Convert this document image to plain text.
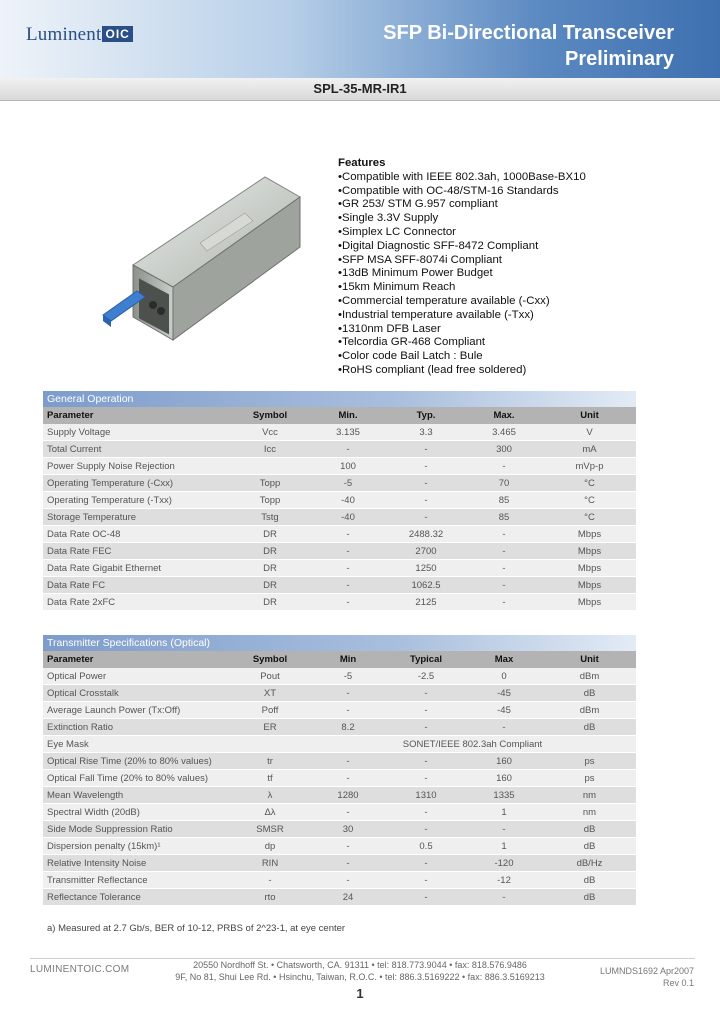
Luminent OIC	SFP Bi-Directional Transceiver
Preliminary
SPL-35-MR-IR1
Features
• Compatible with IEEE 802.3ah, 1000Base-BX10
• Compatible with OC-48/STM-16 Standards
• GR 253/ STM G.957 compliant
• Single 3.3V Supply
• Simplex LC Connector
• Digital Diagnostic SFF-8472 Compliant
• SFP MSA SFF-8074i Compliant
• 13dB Minimum Power Budget
• 15km Minimum Reach
• Commercial temperature available (-Cxx)
• Industrial temperature available (-Txx)
• 1310nm DFB Laser
• Telcordia GR-468 Compliant
• Color code Bail Latch : Bule
• RoHS compliant (lead free soldered)
General Operation
Parameter	Symbol	Min.	Typ.	Max.	Unit
Supply Voltage	Vcc	3.135	3.3	3.465	V
Total Current	Icc	-	-	300	mA
Power Supply Noise Rejection		100	-	-	mVp-p
Operating Temperature (-Cxx)	Topp	-5	-	70	°C
Operating Temperature (-Txx)	Topp	-40	-	85	°C
Storage Temperature	Tstg	-40	-	85	°C
Data Rate OC-48	DR	-	2488.32	-	Mbps
Data Rate FEC	DR	-	2700	-	Mbps
Data Rate Gigabit Ethernet	DR	-	1250	-	Mbps
Data Rate FC	DR	-	1062.5	-	Mbps
Data Rate 2xFC	DR	-	2125	-	Mbps
Transmitter Specifications (Optical)
Parameter	Symbol	Min	Typical	Max	Unit
Optical Power	Pout	-5	-2.5	0	dBm
Optical Crosstalk	XT	-	-	-45	dB
Average Launch Power (Tx:Off)	Poff	-	-	-45	dBm
Extinction Ratio	ER	8.2	-	-	dB
Eye Mask		SONET/IEEE 802.3ah Compliant			
Optical Rise Time (20% to 80% values)	tr	-	-	160	ps
Optical Fall Time (20% to 80% values)	tf	-	-	160	ps
Mean Wavelength	λ	1280	1310	1335	nm
Spectral Width (20dB)	Δλ	-	-	1	nm
Side Mode Suppression Ratio	SMSR	30	-	-	dB
Dispersion penalty (15km)¹	dp	-	0.5	1	dB
Relative Intensity Noise	RIN	-	-	-120	dB/Hz
Transmitter Reflectance	-	-	-	-12	dB
Reflectance Tolerance	rto	24	-	-	dB
a) Measured at 2.7 Gb/s, BER of 10-12, PRBS of 2^23-1, at eye center
LUMINENTOIC.COM	20550 Nordhoff St. • Chatsworth, CA. 91311 • tel: 818.773.9044 • fax: 818.576.9486
9F, No 81, Shui Lee Rd. • Hsinchu, Taiwan, R.O.C. • tel: 886.3.5169222 • fax: 886.3.5169213
LUMNDS1692 Apr2007
Rev 0.1
1
